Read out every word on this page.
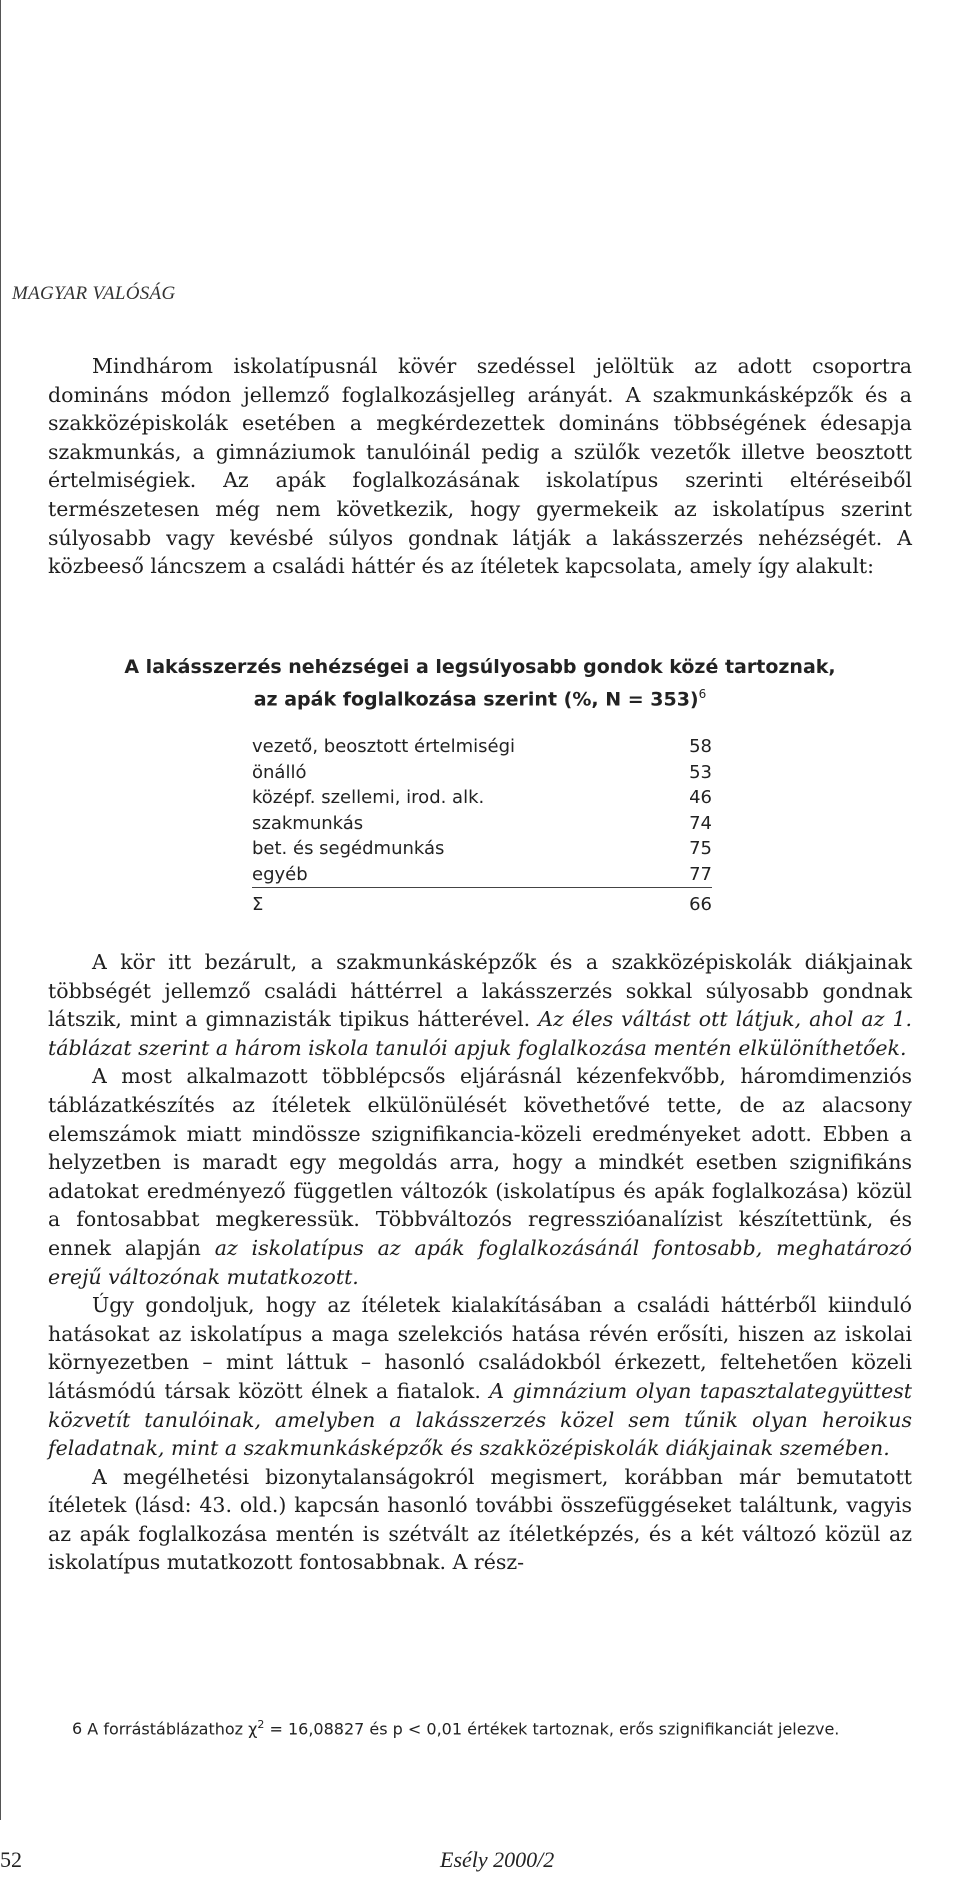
MAGYAR VALÓSÁG

Mindhárom iskolatípusnál kövér szedéssel jelöltük az adott csoportra domináns módon jellemző foglalkozásjelleg arányát. A szakmunkásképzők és a szakközépiskolák esetében a megkérdezettek domináns többségének édesapja szakmunkás, a gimnáziumok tanulóinál pedig a szülők vezetők illetve beosztott értelmiségiek. Az apák foglalkozásának iskolatípus szerinti eltéréseiből természetesen még nem következik, hogy gyermekeik az iskolatípus szerint súlyosabb vagy kevésbé súlyos gondnak látják a lakásszerzés nehézségét. A közbeeső láncszem a családi háttér és az ítéletek kapcsolata, amely így alakult:

A lakásszerzés nehézségei a legsúlyosabb gondok közé tartoznak,
az apák foglalkozása szerint (%, N = 353)$^6$
vezető, beosztott értelmiségi	58
önálló	53
középf. szellemi, irod. alk.	46
szakmunkás	74
bet. és segédmunkás	75
egyéb	77
Σ	66

A kör itt bezárult, a szakmunkásképzők és a szakközépiskolák diákjainak többségét jellemző családi háttérrel a lakásszerzés sokkal súlyosabb gondnak látszik, mint a gimnazisták tipikus hátterével. Az éles váltást ott látjuk, ahol az 1. táblázat szerint a három iskola tanulói apjuk foglalkozása mentén elkülöníthetőek.

A most alkalmazott többlépcsős eljárásnál kézenfekvőbb, háromdimenziós táblázatkészítés az ítéletek elkülönülését követhetővé tette, de az alacsony elemszámok miatt mindössze szignifikancia-közeli eredményeket adott. Ebben a helyzetben is maradt egy megoldás arra, hogy a mindkét esetben szignifikáns adatokat eredményező független változók (iskolatípus és apák foglalkozása) közül a fontosabbat megkeressük. Többváltozós regresszióanalízist készítettünk, és ennek alapján az iskolatípus az apák foglalkozásánál fontosabb, meghatározó erejű változónak mutatkozott.

Úgy gondoljuk, hogy az ítéletek kialakításában a családi háttérből kiinduló hatásokat az iskolatípus a maga szelekciós hatása révén erősíti, hiszen az iskolai környezetben – mint láttuk – hasonló családokból érkezett, feltehetően közeli látásmódú társak között élnek a fiatalok. A gimnázium olyan tapasztalategyüttest közvetít tanulóinak, amelyben a lakásszerzés közel sem tűnik olyan heroikus feladatnak, mint a szakmunkásképzők és szakközépiskolák diákjainak szemében.

A megélhetési bizonytalanságokról megismert, korábban már bemutatott ítéletek (lásd: 43. old.) kapcsán hasonló további összefüggéseket találtunk, vagyis az apák foglalkozása mentén is szétvált az ítéletképzés, és a két változó közül az iskolatípus mutatkozott fontosabbnak. A rész-

6 A forrástáblázathoz $\chi^2 = 16,08827$ és p < 0,01 értékek tartoznak, erős szignifikanciát jelezve.
52	Esély 2000/2
